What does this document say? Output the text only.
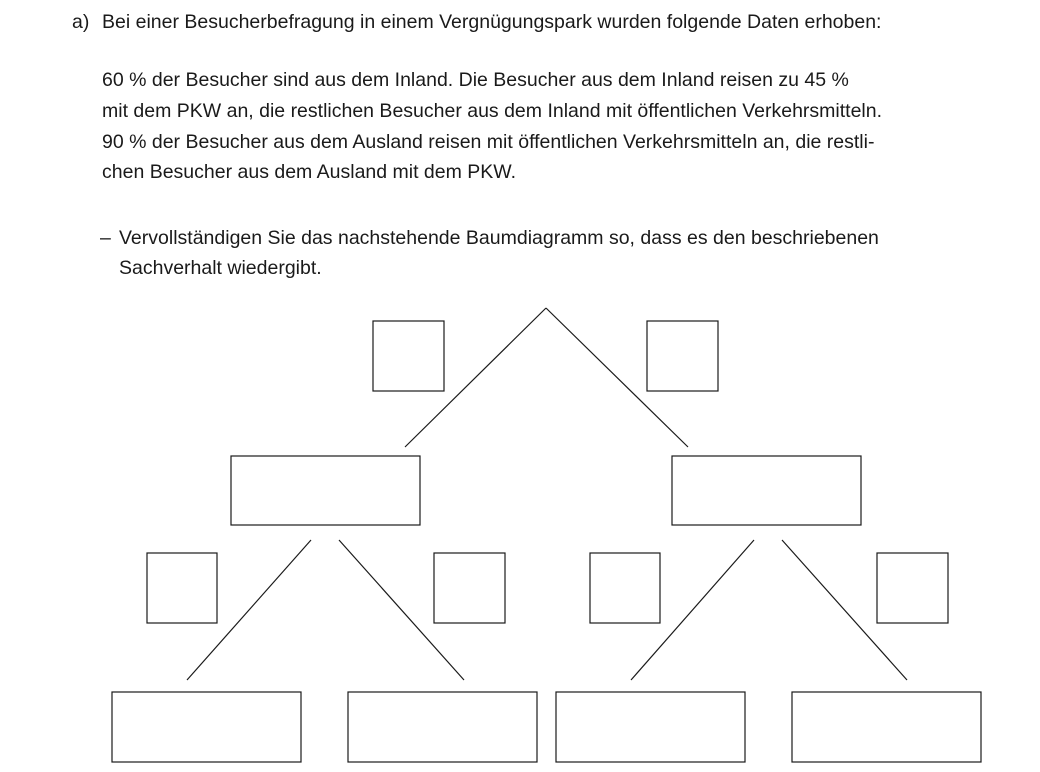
a) Bei einer Besucherbefragung in einem Vergnügungspark wurden folgende Daten erhoben:
60 % der Besucher sind aus dem Inland. Die Besucher aus dem Inland reisen zu 45 %
mit dem PKW an, die restlichen Besucher aus dem Inland mit öffentlichen Verkehrsmitteln.
90 % der Besucher aus dem Ausland reisen mit öffentlichen Verkehrsmitteln an, die restli-
chen Besucher aus dem Ausland mit dem PKW.
– Vervollständigen Sie das nachstehende Baumdiagramm so, dass es den beschriebenen
Sachverhalt wiedergibt.
